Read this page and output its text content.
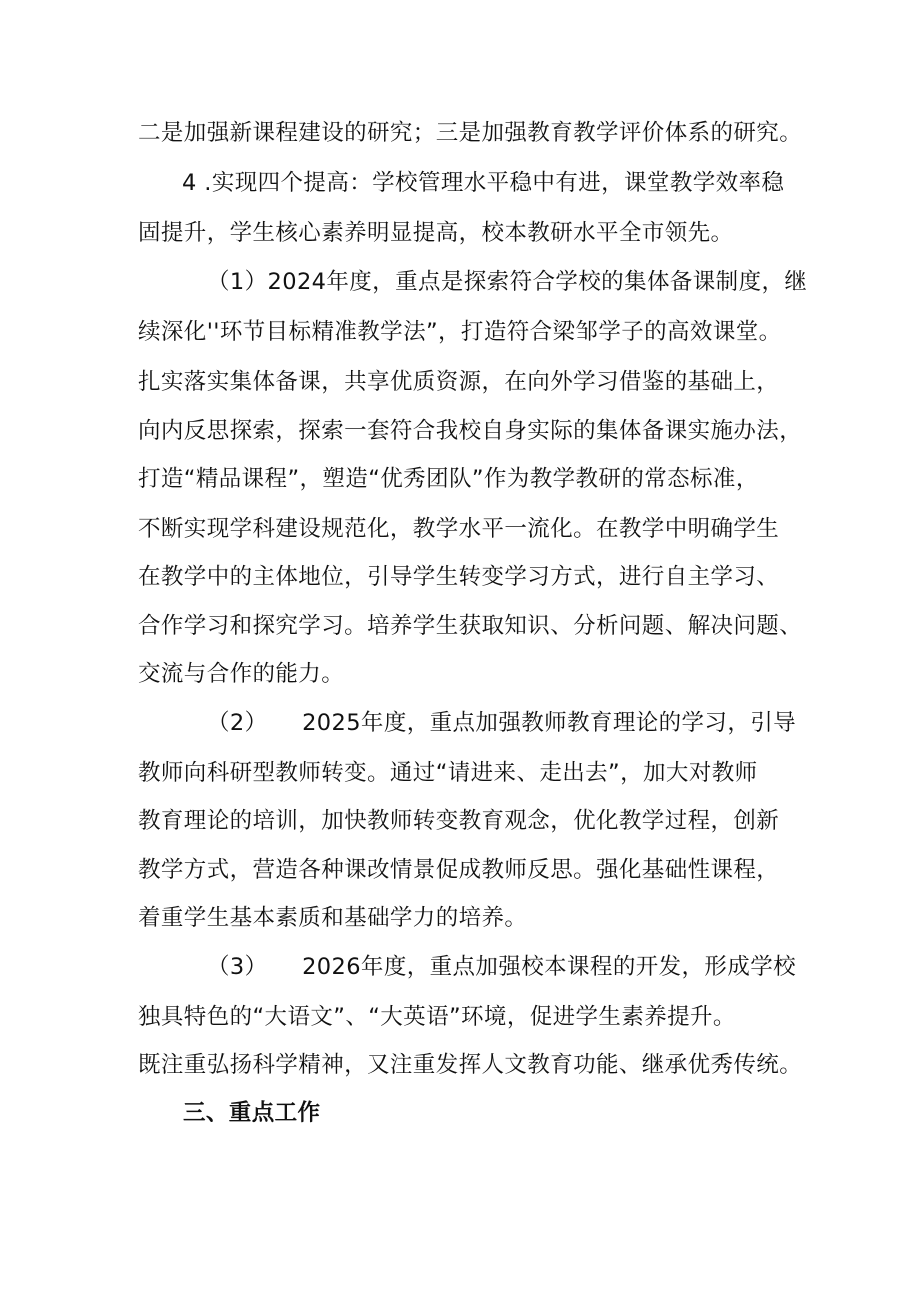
二是加强新课程建设的研究；三是加强教育教学评价体系的研究。
4 .实现四个提高：学校管理水平稳中有进，课堂教学效率稳
固提升，学生核心素养明显提高，校本教研水平全市领先。
（1）2024年度，重点是探索符合学校的集体备课制度，继
续深化''环节目标精准教学法”，打造符合梁邹学子的高效课堂。
扎实落实集体备课，共享优质资源，在向外学习借鉴的基础上，
向内反思探索，探索一套符合我校自身实际的集体备课实施办法，
打造“精品课程”，塑造“优秀团队”作为教学教研的常态标准，
不断实现学科建设规范化，教学水平一流化。在教学中明确学生
在教学中的主体地位，引导学生转变学习方式，进行自主学习、
合作学习和探究学习。培养学生获取知识、分析问题、解决问题、
交流与合作的能力。
（2）　　2025年度，重点加强教师教育理论的学习，引导
教师向科研型教师转变。通过“请进来、走出去”，加大对教师
教育理论的培训，加快教师转变教育观念，优化教学过程，创新
教学方式，营造各种课改情景促成教师反思。强化基础性课程，
着重学生基本素质和基础学力的培养。
（3）　　2026年度，重点加强校本课程的开发，形成学校
独具特色的“大语文”、“大英语”环境，促进学生素养提升。
既注重弘扬科学精神，又注重发挥人文教育功能、继承优秀传统。
三、重点工作
